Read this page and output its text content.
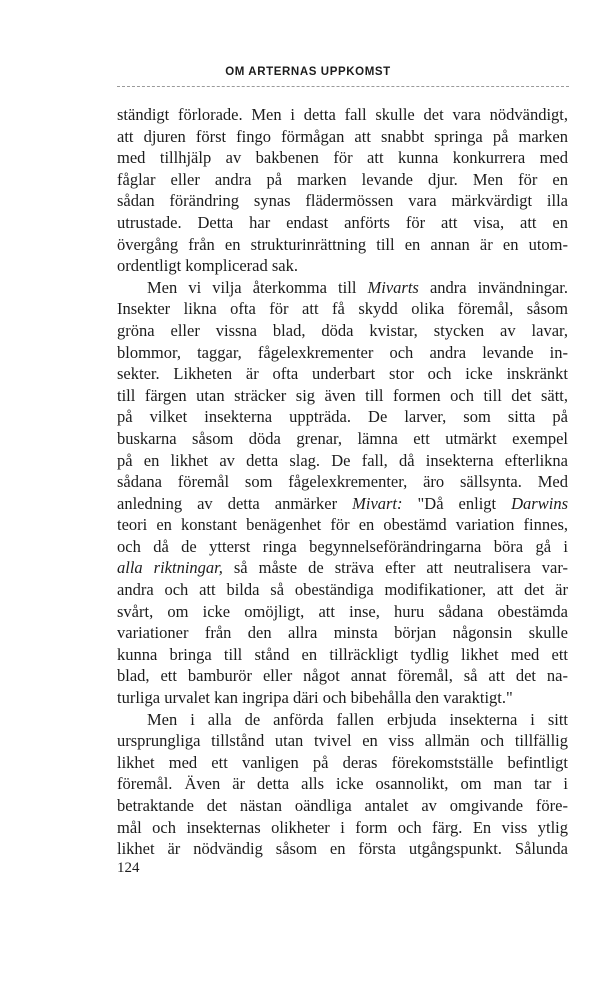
OM ARTERNAS UPPKOMST
ständigt förlorade. Men i detta fall skulle det vara nödvändigt,
att djuren först fingo förmågan att snabbt springa på marken
med tillhjälp av bakbenen för att kunna konkurrera med
fåglar eller andra på marken levande djur. Men för en
sådan förändring synas flädermössen vara märkvärdigt illa
utrustade. Detta har endast anförts för att visa, att en
övergång från en strukturinrättning till en annan är en utom-
ordentligt komplicerad sak.
Men vi vilja återkomma till Mivarts andra invändningar.
Insekter likna ofta för att få skydd olika föremål, såsom
gröna eller vissna blad, döda kvistar, stycken av lavar,
blommor, taggar, fågelexkrementer och andra levande in-
sekter. Likheten är ofta underbart stor och icke inskränkt
till färgen utan sträcker sig även till formen och till det sätt,
på vilket insekterna uppträda. De larver, som sitta på
buskarna såsom döda grenar, lämna ett utmärkt exempel
på en likhet av detta slag. De fall, då insekterna efterlikna
sådana föremål som fågelexkrementer, äro sällsynta. Med
anledning av detta anmärker Mivart: "Då enligt Darwins
teori en konstant benägenhet för en obestämd variation finnes,
och då de ytterst ringa begynnelseförändringarna böra gå i
alla riktningar, så måste de sträva efter att neutralisera var-
andra och att bilda så obeständiga modifikationer, att det är
svårt, om icke omöjligt, att inse, huru sådana obestämda
variationer från den allra minsta början någonsin skulle
kunna bringa till stånd en tillräckligt tydlig likhet med ett
blad, ett bamburör eller något annat föremål, så att det na-
turliga urvalet kan ingripa däri och bibehålla den varaktigt."
Men i alla de anförda fallen erbjuda insekterna i sitt
ursprungliga tillstånd utan tvivel en viss allmän och tillfällig
likhet med ett vanligen på deras förekomstställe befintligt
föremål. Även är detta alls icke osannolikt, om man tar i
betraktande det nästan oändliga antalet av omgivande före-
mål och insekternas olikheter i form och färg. En viss ytlig
likhet är nödvändig såsom en första utgångspunkt. Sålunda
124
